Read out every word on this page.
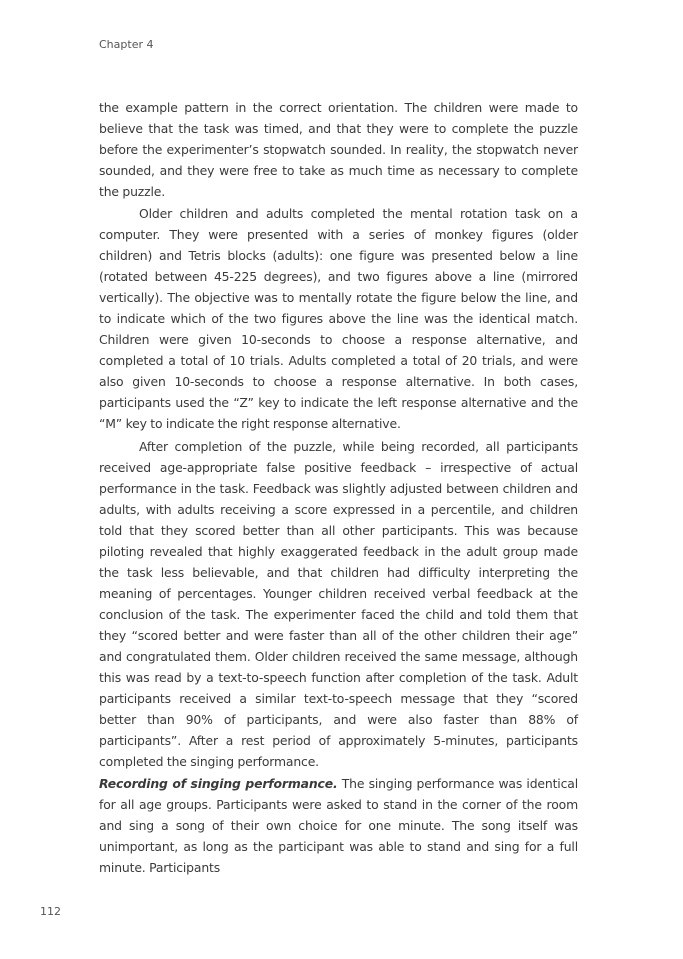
Chapter 4

the example pattern in the correct orientation. The children were made to believe that the task was timed, and that they were to complete the puzzle before the experimenter’s stopwatch sounded. In reality, the stopwatch never sounded, and they were free to take as much time as necessary to complete the puzzle.

Older children and adults completed the mental rotation task on a computer. They were presented with a series of monkey figures (older children) and Tetris blocks (adults): one figure was presented below a line (rotated between 45-225 degrees), and two figures above a line (mirrored vertically). The objective was to mentally rotate the figure below the line, and to indicate which of the two figures above the line was the identical match. Children were given 10-seconds to choose a response alternative, and completed a total of 10 trials. Adults completed a total of 20 trials, and were also given 10-seconds to choose a response alternative. In both cases, participants used the “Z” key to indicate the left response alternative and the “M” key to indicate the right response alternative.

After completion of the puzzle, while being recorded, all participants received age-appropriate false positive feedback – irrespective of actual performance in the task. Feedback was slightly adjusted between children and adults, with adults receiving a score expressed in a percentile, and children told that they scored better than all other participants. This was because piloting revealed that highly exaggerated feedback in the adult group made the task less believable, and that children had difficulty interpreting the meaning of percentages. Younger children received verbal feedback at the conclusion of the task. The experimenter faced the child and told them that they “scored better and were faster than all of the other children their age” and congratulated them. Older children received the same message, although this was read by a text-to-speech function after completion of the task. Adult participants received a similar text-to-speech message that they “scored better than 90% of participants, and were also faster than 88% of participants”. After a rest period of approximately 5-minutes, participants completed the singing performance.

Recording of singing performance. The singing performance was identical for all age groups. Participants were asked to stand in the corner of the room and sing a song of their own choice for one minute. The song itself was unimportant, as long as the participant was able to stand and sing for a full minute. Participants

112
